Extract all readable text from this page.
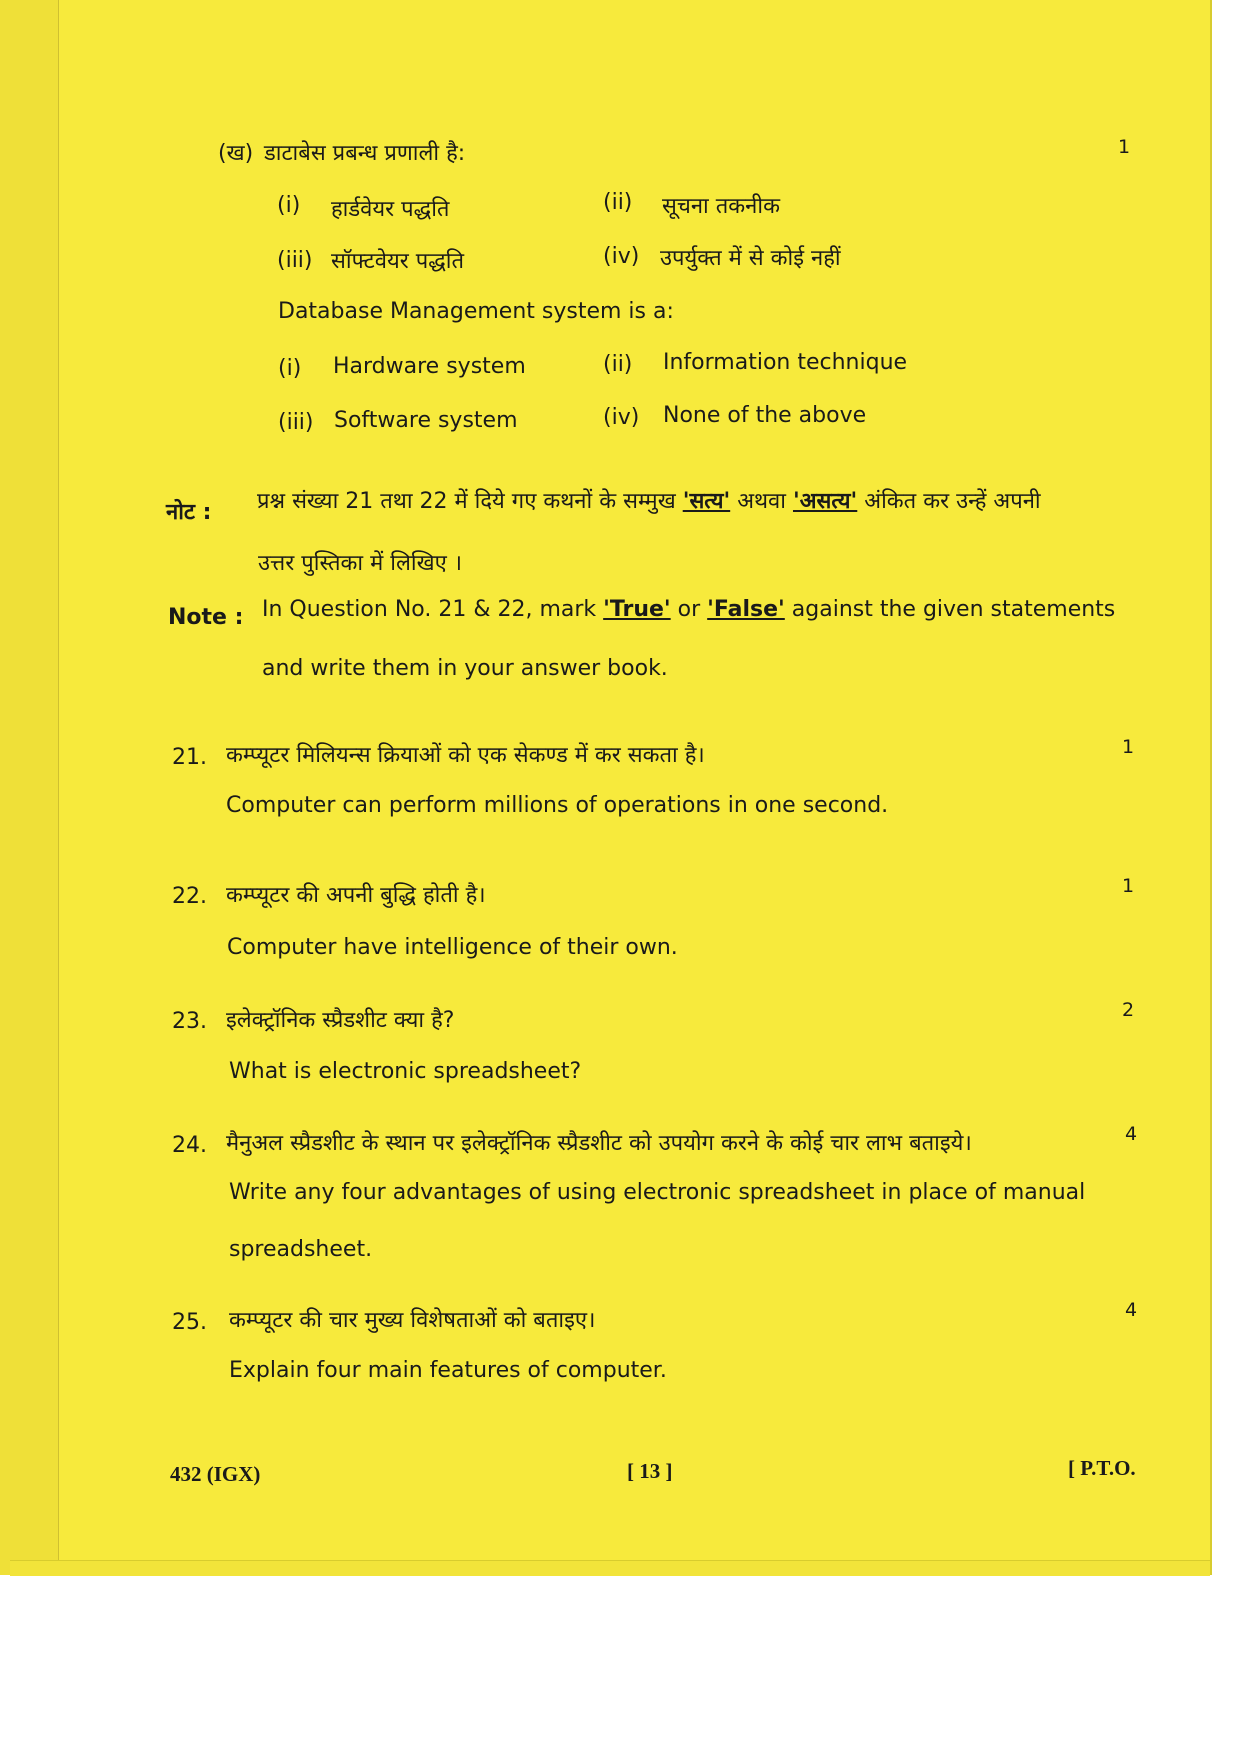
(ख) डाटाबेस प्रबन्ध प्रणाली है:	1
(i) हार्डवेयर पद्धति	(ii) सूचना तकनीक
(iii) सॉफ्टवेयर पद्धति	(iv) उपर्युक्त में से कोई नहीं
Database Management system is a:
(i) Hardware system	(ii) Information technique
(iii) Software system	(iv) None of the above
नोट : प्रश्न संख्या 21 तथा 22 में दिये गए कथनों के सम्मुख 'सत्य' अथवा 'असत्य' अंकित कर उन्हें अपनी
उत्तर पुस्तिका में लिखिए ।
Note : In Question No. 21 & 22, mark 'True' or 'False' against the given statements
and write them in your answer book.
21. कम्प्यूटर मिलियन्स क्रियाओं को एक सेकण्ड में कर सकता है।	1
Computer can perform millions of operations in one second.
22. कम्प्यूटर की अपनी बुद्धि होती है।	1
Computer have intelligence of their own.
23. इलेक्ट्रॉनिक स्प्रैडशीट क्या है?	2
What is electronic spreadsheet?
24. मैनुअल स्प्रैडशीट के स्थान पर इलेक्ट्रॉनिक स्प्रैडशीट को उपयोग करने के कोई चार लाभ बताइये।	4
Write any four advantages of using electronic spreadsheet in place of manual
spreadsheet.
25. कम्प्यूटर की चार मुख्य विशेषताओं को बताइए।	4
Explain four main features of computer.
432 (IGX)	[ 13 ]	[ P.T.O.
